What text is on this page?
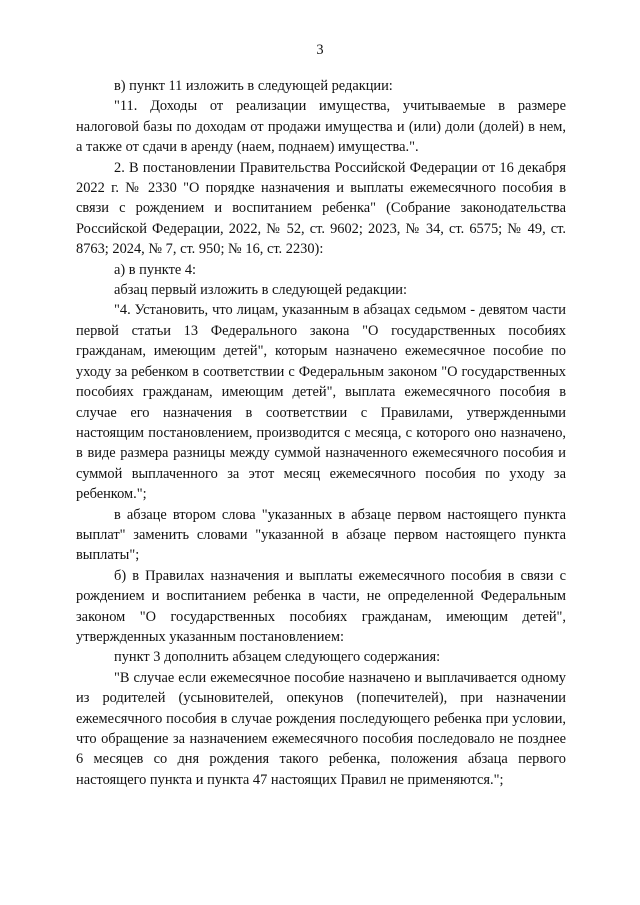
3

в) пункт 11 изложить в следующей редакции:

"11. Доходы от реализации имущества, учитываемые в размере налоговой базы по доходам от продажи имущества и (или) доли (долей) в нем, а также от сдачи в аренду (наем, поднаем) имущества.".

2. В постановлении Правительства Российской Федерации от 16 декабря 2022 г. № 2330 "О порядке назначения и выплаты ежемесячного пособия в связи с рождением и воспитанием ребенка" (Собрание законодательства Российской Федерации, 2022, № 52, ст. 9602; 2023, № 34, ст. 6575; № 49, ст. 8763; 2024, № 7, ст. 950; № 16, ст. 2230):

а) в пункте 4:

абзац первый изложить в следующей редакции:

"4. Установить, что лицам, указанным в абзацах седьмом - девятом части первой статьи 13 Федерального закона "О государственных пособиях гражданам, имеющим детей", которым назначено ежемесячное пособие по уходу за ребенком в соответствии с Федеральным законом "О государственных пособиях гражданам, имеющим детей", выплата ежемесячного пособия в случае его назначения в соответствии с Правилами, утвержденными настоящим постановлением, производится с месяца, с которого оно назначено, в виде размера разницы между суммой назначенного ежемесячного пособия и суммой выплаченного за этот месяц ежемесячного пособия по уходу за ребенком.";

в абзаце втором слова "указанных в абзаце первом настоящего пункта выплат" заменить словами "указанной в абзаце первом настоящего пункта выплаты";

б) в Правилах назначения и выплаты ежемесячного пособия в связи с рождением и воспитанием ребенка в части, не определенной Федеральным законом "О государственных пособиях гражданам, имеющим детей", утвержденных указанным постановлением:

пункт 3 дополнить абзацем следующего содержания:

"В случае если ежемесячное пособие назначено и выплачивается одному из родителей (усыновителей, опекунов (попечителей), при назначении ежемесячного пособия в случае рождения последующего ребенка при условии, что обращение за назначением ежемесячного пособия последовало не позднее 6 месяцев со дня рождения такого ребенка, положения абзаца первого настоящего пункта и пункта 47 настоящих Правил не применяются.";
